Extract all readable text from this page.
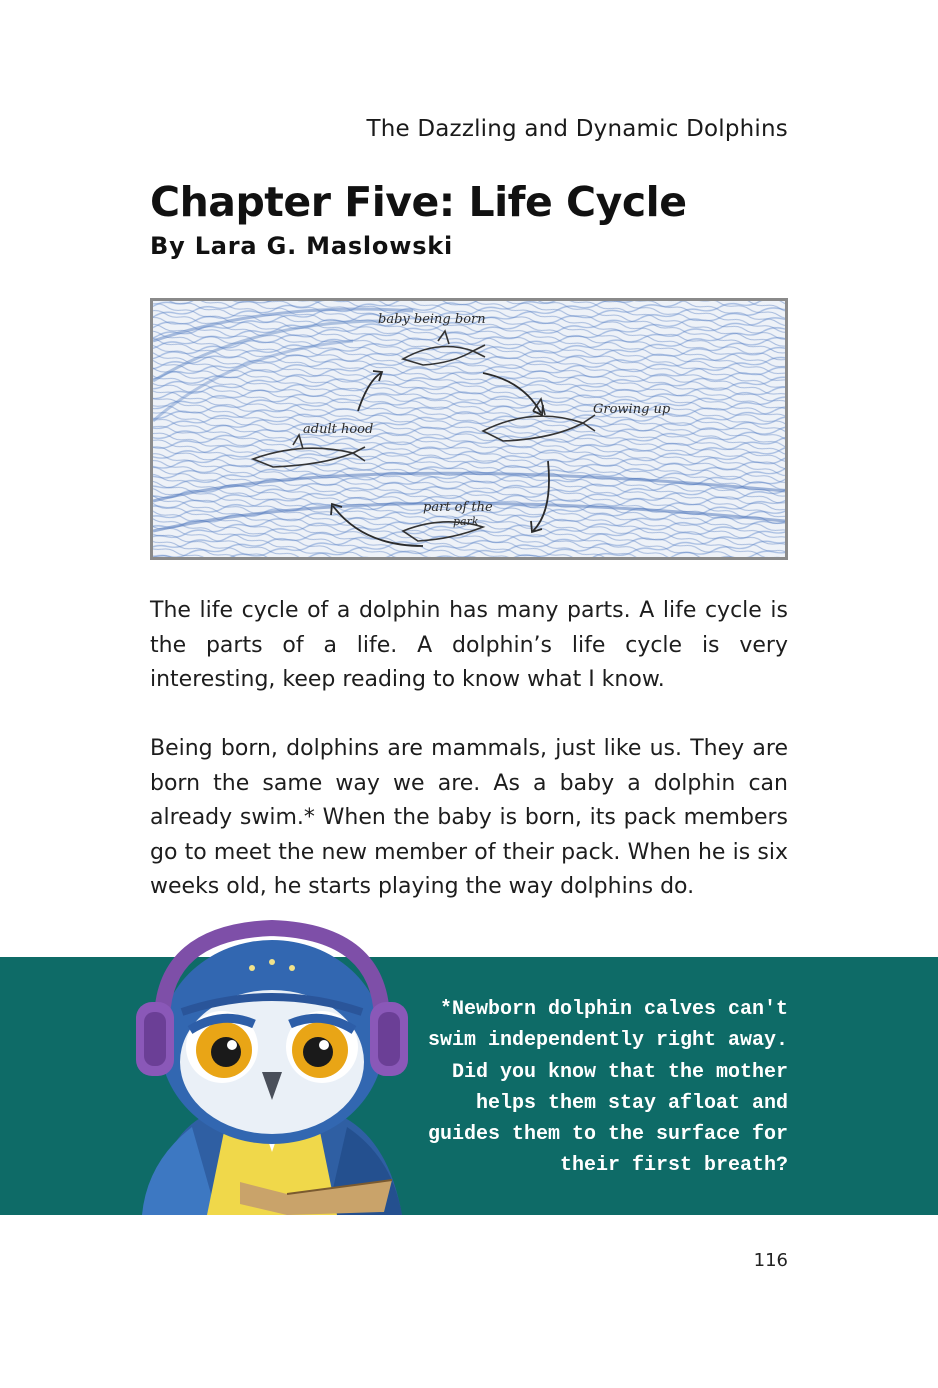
The Dazzling and Dynamic Dolphins
Chapter Five: Life Cycle
By Lara G. Maslowski
baby being born
Growing up
part of the
park
adult hood

The life cycle of a dolphin has many parts. A life cycle is the parts of a life. A dolphin’s life cycle is very interesting, keep reading to know what I know.

Being born, dolphins are mammals, just like us. They are born the same way we are. As a baby a dolphin can already swim.* When the baby is born, its pack members go to meet the new member of their pack. When he is six weeks old, he starts playing the way dolphins do.

*Newborn dolphin calves can't
swim independently right away.
Did you know that the mother
helps them stay afloat and
guides them to the surface for
their first breath?
116
